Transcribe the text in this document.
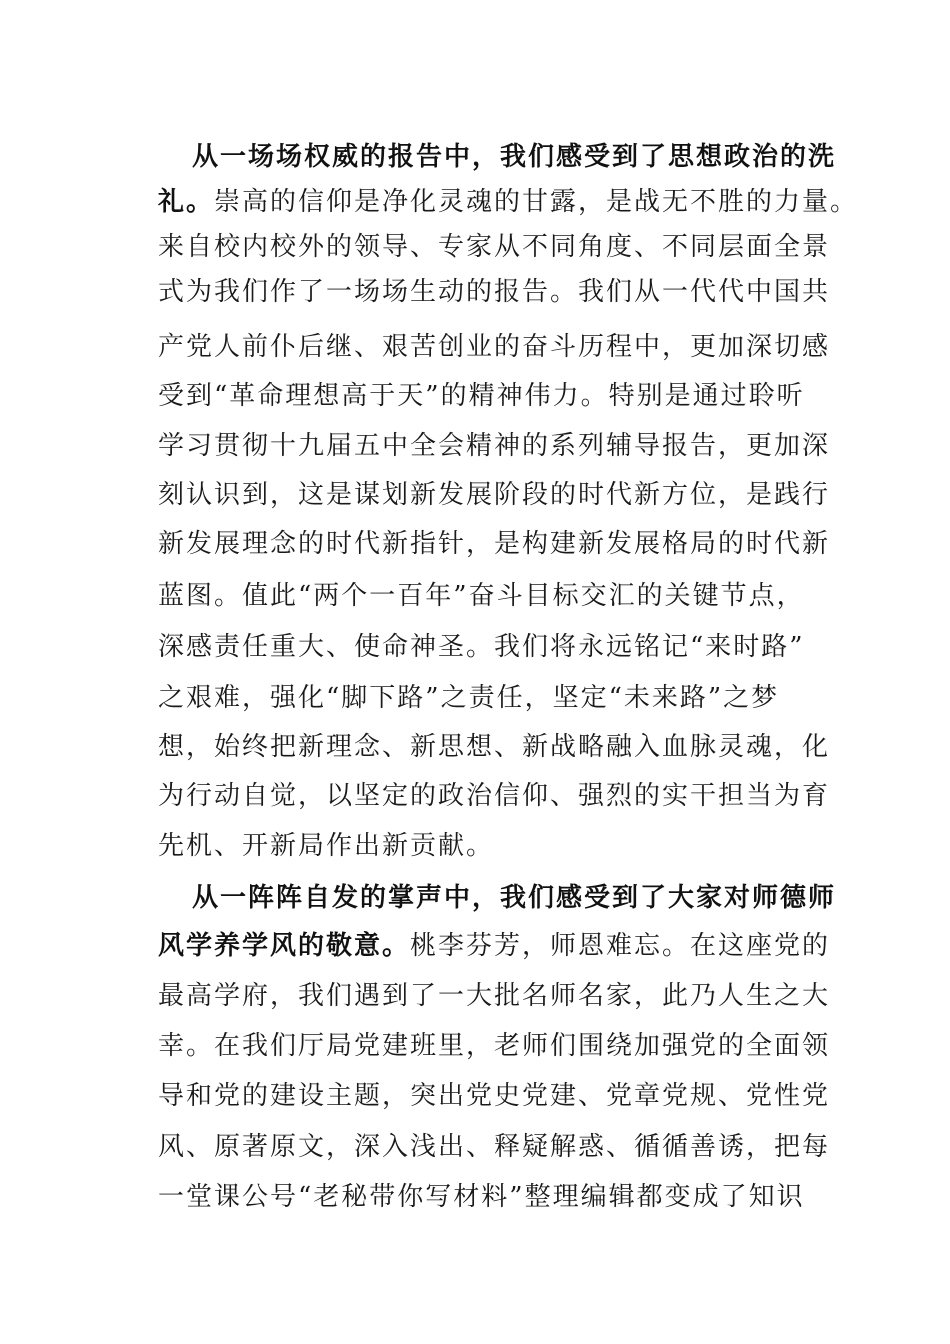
从一场场权威的报告中，我们感受到了思想政治的洗
礼。崇高的信仰是净化灵魂的甘露，是战无不胜的力量。
来自校内校外的领导、专家从不同角度、不同层面全景
式为我们作了一场场生动的报告。我们从一代代中国共
产党人前仆后继、艰苦创业的奋斗历程中，更加深切感
受到“革命理想高于天”的精神伟力。特别是通过聆听
学习贯彻十九届五中全会精神的系列辅导报告，更加深
刻认识到，这是谋划新发展阶段的时代新方位，是践行
新发展理念的时代新指针，是构建新发展格局的时代新
蓝图。值此“两个一百年”奋斗目标交汇的关键节点，
深感责任重大、使命神圣。我们将永远铭记“来时路”
之艰难，强化“脚下路”之责任，坚定“未来路”之梦
想，始终把新理念、新思想、新战略融入血脉灵魂，化
为行动自觉，以坚定的政治信仰、强烈的实干担当为育
先机、开新局作出新贡献。
从一阵阵自发的掌声中，我们感受到了大家对师德师
风学养学风的敬意。桃李芬芳，师恩难忘。在这座党的
最高学府，我们遇到了一大批名师名家，此乃人生之大
幸。在我们厅局党建班里，老师们围绕加强党的全面领
导和党的建设主题，突出党史党建、党章党规、党性党
风、原著原文，深入浅出、释疑解惑、循循善诱，把每
一堂课公号“老秘带你写材料”整理编辑都变成了知识
